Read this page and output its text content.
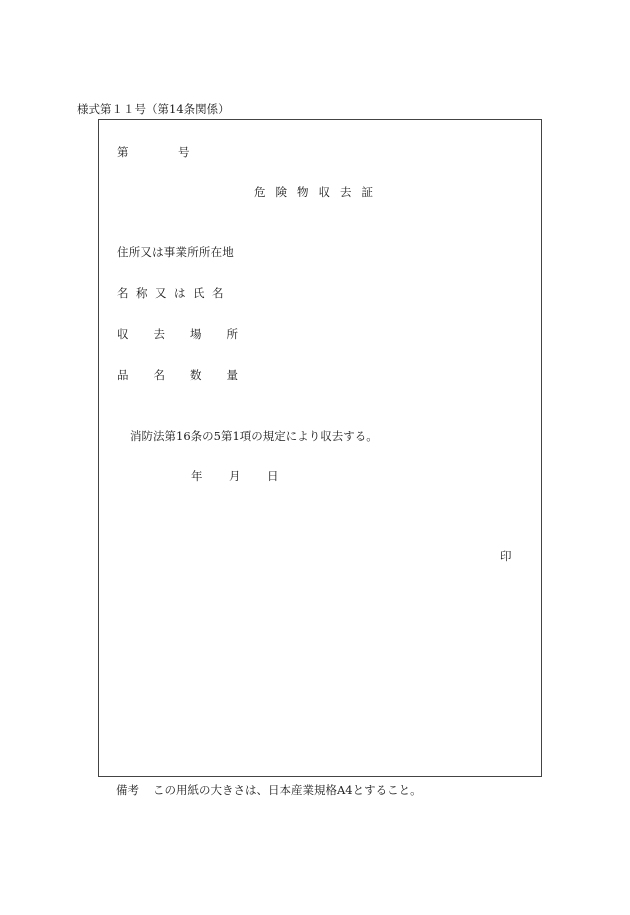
様式第１１号（第14条関係）
第	号
危険物収去証
住所又は事業所所在地
名称又は氏名
収去場所
品名数量
消防法第16条の5第1項の規定により収去する。
年 月 日
印
備考 この用紙の大きさは、日本産業規格A4とすること。
